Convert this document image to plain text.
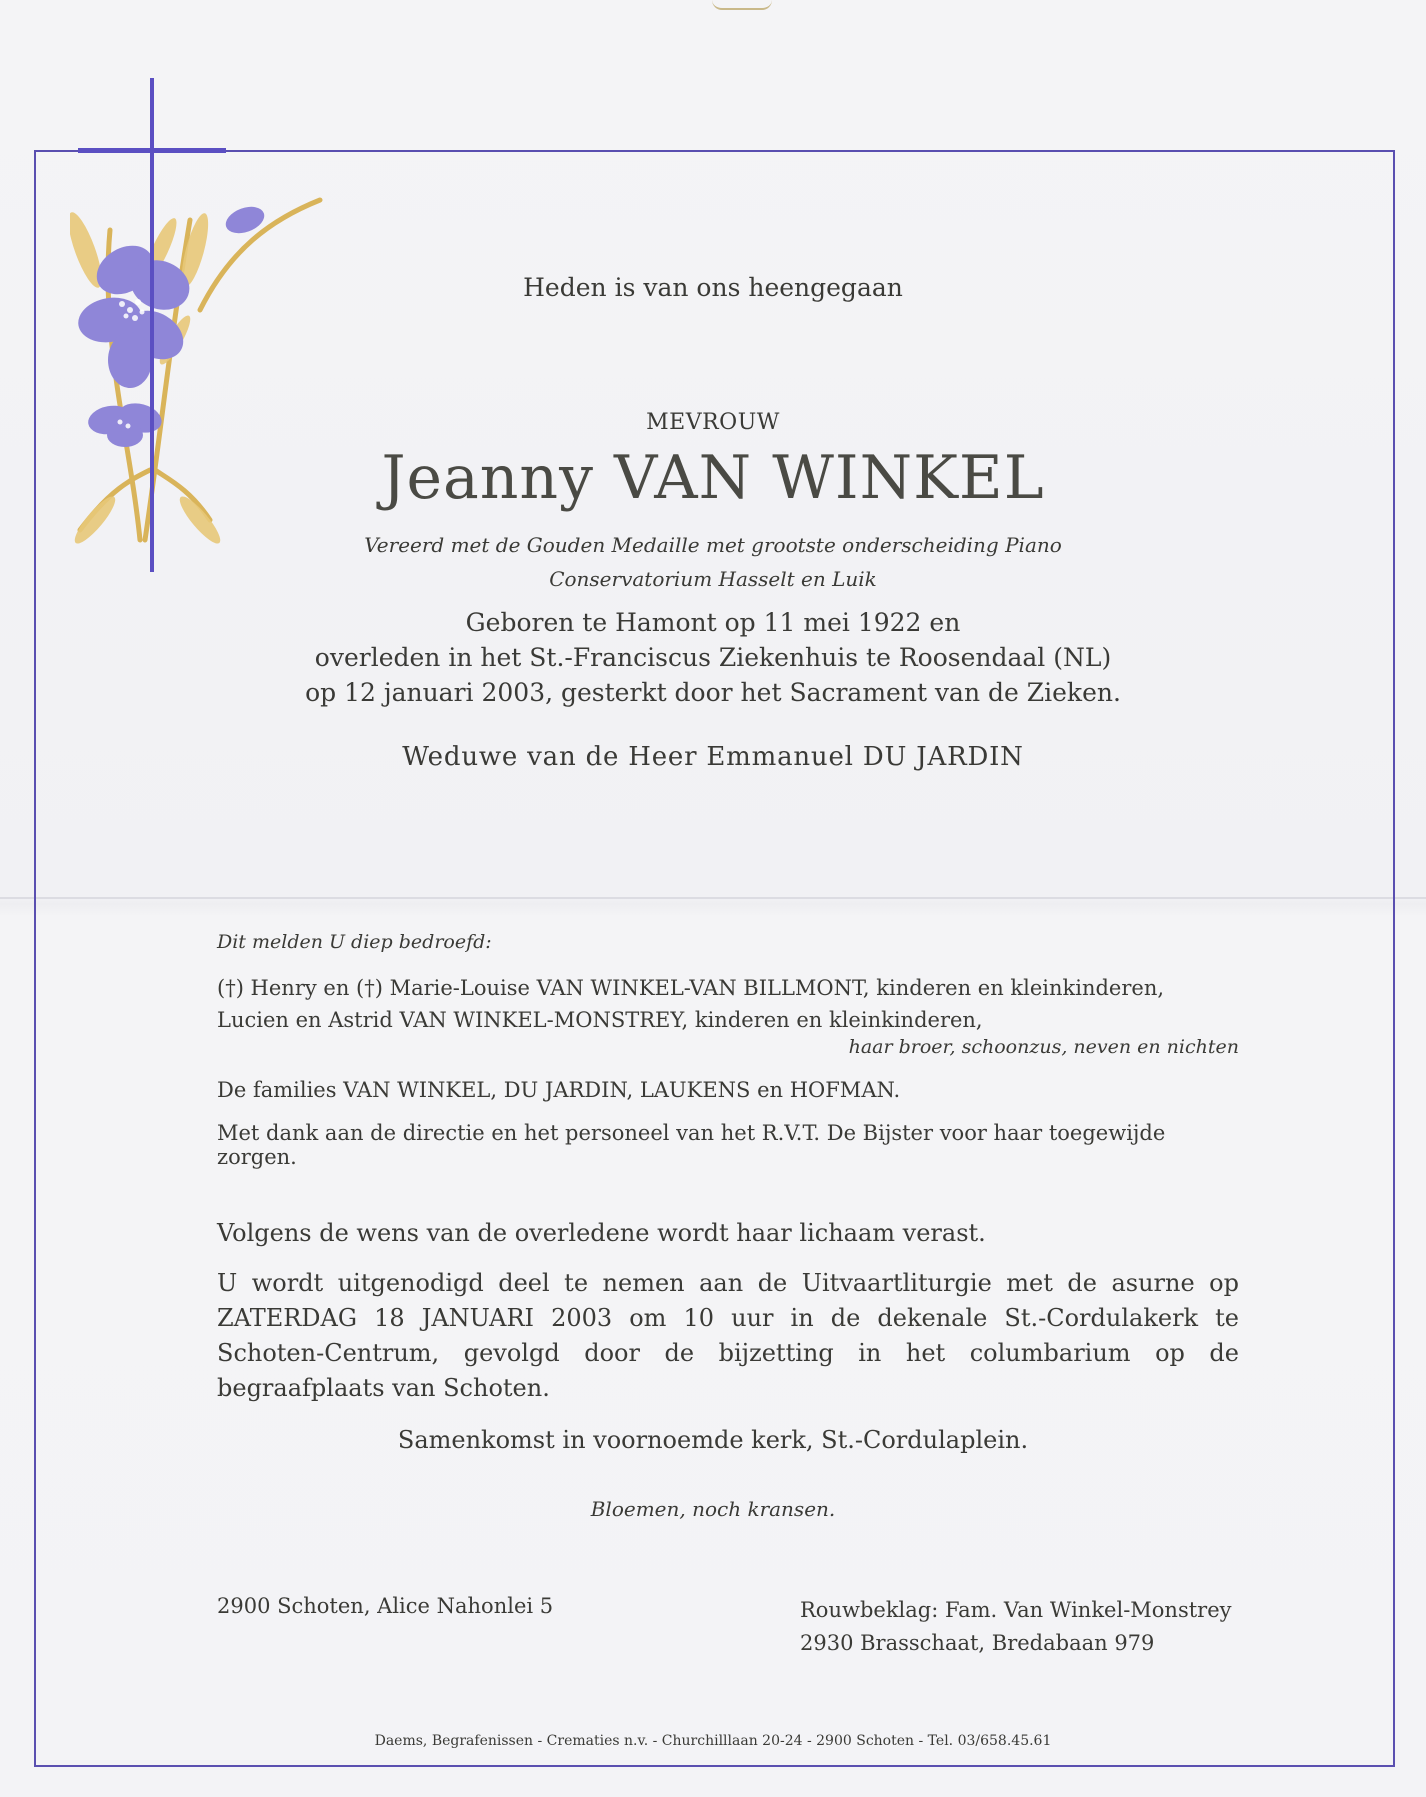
Heden is van ons heengegaan

MEVROUW

Jeanny VAN WINKEL

Vereerd met de Gouden Medaille met grootste onderscheiding Piano

Conservatorium Hasselt en Luik

Geboren te Hamont op 11 mei 1922 en

overleden in het St.-Franciscus Ziekenhuis te Roosendaal (NL)

op 12 januari 2003, gesterkt door het Sacrament van de Zieken.

Weduwe van de Heer Emmanuel DU JARDIN

Dit melden U diep bedroefd:

(†) Henry en (†) Marie-Louise VAN WINKEL-VAN BILLMONT, kinderen en kleinkinderen,

Lucien en Astrid VAN WINKEL-MONSTREY, kinderen en kleinkinderen,

haar broer, schoonzus, neven en nichten

De families VAN WINKEL, DU JARDIN, LAUKENS en HOFMAN.

Met dank aan de directie en het personeel van het R.V.T. De Bijster voor haar toegewijde zorgen.

Volgens de wens van de overledene wordt haar lichaam verast.

U wordt uitgenodigd deel te nemen aan de Uitvaartliturgie met de asurne op ZATERDAG 18 JANUARI 2003 om 10 uur in de dekenale St.-Cordulakerk te Schoten-Centrum, gevolgd door de bijzetting in het columbarium op de begraafplaats van Schoten.

Samenkomst in voornoemde kerk, St.-Cordulaplein.

Bloemen, noch kransen.

2900 Schoten, Alice Nahonlei 5	Rouwbeklag: Fam. Van Winkel-Monstrey
2930 Brasschaat, Bredabaan 979

Daems, Begrafenissen - Crematies n.v. - Churchilllaan 20-24 - 2900 Schoten - Tel. 03/658.45.61
